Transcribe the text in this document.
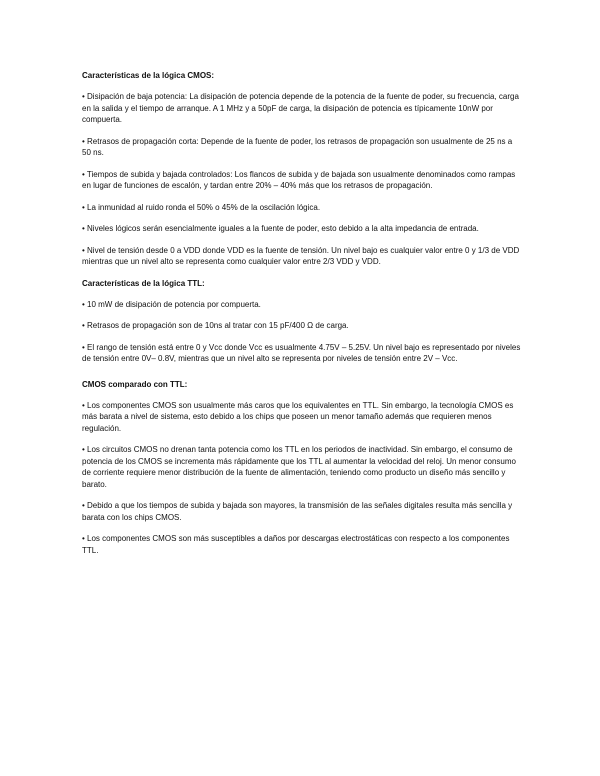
Características de la lógica CMOS:

• Disipación de baja potencia: La disipación de potencia depende de la potencia de la fuente de poder, su frecuencia, carga en la salida y el tiempo de arranque. A 1 MHz y a 50pF de carga, la disipación de potencia es típicamente 10nW por compuerta.

• Retrasos de propagación corta: Depende de la fuente de poder, los retrasos de propagación son usualmente de 25 ns a 50 ns.

• Tiempos de subida y bajada controlados: Los flancos de subida y de bajada son usualmente denominados como rampas en lugar de funciones de escalón, y tardan entre 20% – 40% más que los retrasos de propagación.

• La inmunidad al ruido ronda el 50% o 45% de la oscilación lógica.

• Niveles lógicos serán esencialmente iguales a la fuente de poder, esto debido a la alta impedancia de entrada.

• Nivel de tensión desde 0 a VDD donde VDD es la fuente de tensión. Un nivel bajo es cualquier valor entre 0 y 1/3 de VDD mientras que un nivel alto se representa como cualquier valor entre 2/3 VDD y VDD.

Características de la lógica TTL:

• 10 mW de disipación de potencia por compuerta.

• Retrasos de propagación son de 10ns al tratar con 15 pF/400 Ω de carga.

• El rango de tensión está entre 0 y Vcc donde Vcc es usualmente 4.75V – 5.25V. Un nivel bajo es representado por niveles de tensión entre 0V– 0.8V, mientras que un nivel alto se representa por niveles de tensión entre 2V – Vcc.

CMOS comparado con TTL:

• Los componentes CMOS son usualmente más caros que los equivalentes en TTL. Sin embargo, la tecnología CMOS es más barata a nivel de sistema, esto debido a los chips que poseen un menor tamaño además que requieren menos regulación.

• Los circuitos CMOS no drenan tanta potencia como los TTL en los periodos de inactividad. Sin embargo, el consumo de potencia de los CMOS se incrementa más rápidamente que los TTL al aumentar la velocidad del reloj. Un menor consumo de corriente requiere menor distribución de la fuente de alimentación, teniendo como producto un diseño más sencillo y barato.

• Debido a que los tiempos de subida y bajada son mayores, la transmisión de las señales digitales resulta más sencilla y barata con los chips CMOS.

• Los componentes CMOS son más susceptibles a daños por descargas electrostáticas con respecto a los componentes TTL.
